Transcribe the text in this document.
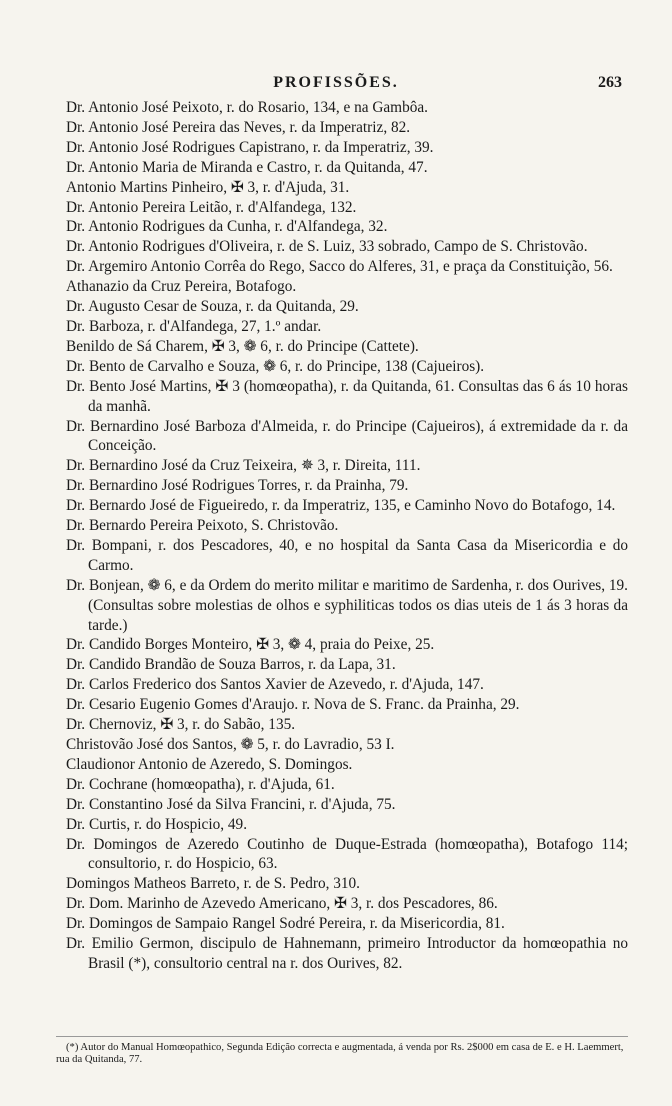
PROFISSÕES.	263
Dr. Antonio José Peixoto, r. do Rosario, 134, e na Gambôa.
Dr. Antonio José Pereira das Neves, r. da Imperatriz, 82.
Dr. Antonio José Rodrigues Capistrano, r. da Imperatriz, 39.
Dr. Antonio Maria de Miranda e Castro, r. da Quitanda, 47.
Antonio Martins Pinheiro, ✠ 3, r. d'Ajuda, 31.
Dr. Antonio Pereira Leitão, r. d'Alfandega, 132.
Dr. Antonio Rodrigues da Cunha, r. d'Alfandega, 32.
Dr. Antonio Rodrigues d'Oliveira, r. de S. Luiz, 33 sobrado, Campo de S. Christovão.
Dr. Argemiro Antonio Corrêa do Rego, Sacco do Alferes, 31, e praça da Constituição, 56.
Athanazio da Cruz Pereira, Botafogo.
Dr. Augusto Cesar de Souza, r. da Quitanda, 29.
Dr. Barboza, r. d'Alfandega, 27, 1.º andar.
Benildo de Sá Charem, ✠ 3, ❁ 6, r. do Principe (Cattete).
Dr. Bento de Carvalho e Souza, ❁ 6, r. do Principe, 138 (Cajueiros).
Dr. Bento José Martins, ✠ 3 (homœopatha), r. da Quitanda, 61. Consultas das 6 ás 10 horas da manhã.
Dr. Bernardino José Barboza d'Almeida, r. do Principe (Cajueiros), á extremidade da r. da Conceição.
Dr. Bernardino José da Cruz Teixeira, ✵ 3, r. Direita, 111.
Dr. Bernardino José Rodrigues Torres, r. da Prainha, 79.
Dr. Bernardo José de Figueiredo, r. da Imperatriz, 135, e Caminho Novo do Botafogo, 14.
Dr. Bernardo Pereira Peixoto, S. Christovão.
Dr. Bompani, r. dos Pescadores, 40, e no hospital da Santa Casa da Misericordia e do Carmo.
Dr. Bonjean, ❁ 6, e da Ordem do merito militar e maritimo de Sardenha, r. dos Ourives, 19. (Consultas sobre molestias de olhos e syphiliticas todos os dias uteis de 1 ás 3 horas da tarde.)
Dr. Candido Borges Monteiro, ✠ 3, ❁ 4, praia do Peixe, 25.
Dr. Candido Brandão de Souza Barros, r. da Lapa, 31.
Dr. Carlos Frederico dos Santos Xavier de Azevedo, r. d'Ajuda, 147.
Dr. Cesario Eugenio Gomes d'Araujo. r. Nova de S. Franc. da Prainha, 29.
Dr. Chernoviz, ✠ 3, r. do Sabão, 135.
Christovão José dos Santos, ❁ 5, r. do Lavradio, 53 I.
Claudionor Antonio de Azeredo, S. Domingos.
Dr. Cochrane (homœopatha), r. d'Ajuda, 61.
Dr. Constantino José da Silva Francini, r. d'Ajuda, 75.
Dr. Curtis, r. do Hospicio, 49.
Dr. Domingos de Azeredo Coutinho de Duque-Estrada (homœopatha), Botafogo 114; consultorio, r. do Hospicio, 63.
Domingos Matheos Barreto, r. de S. Pedro, 310.
Dr. Dom. Marinho de Azevedo Americano, ✠ 3, r. dos Pescadores, 86.
Dr. Domingos de Sampaio Rangel Sodré Pereira, r. da Misericordia, 81.
Dr. Emilio Germon, discipulo de Hahnemann, primeiro Introductor da homœopathia no Brasil (*), consultorio central na r. dos Ourives, 82.
(*) Autor do Manual Homœopathico, Segunda Edição correcta e augmentada, á venda por Rs. 2$000 em casa de E. e H. Laemmert, rua da Quitanda, 77.
